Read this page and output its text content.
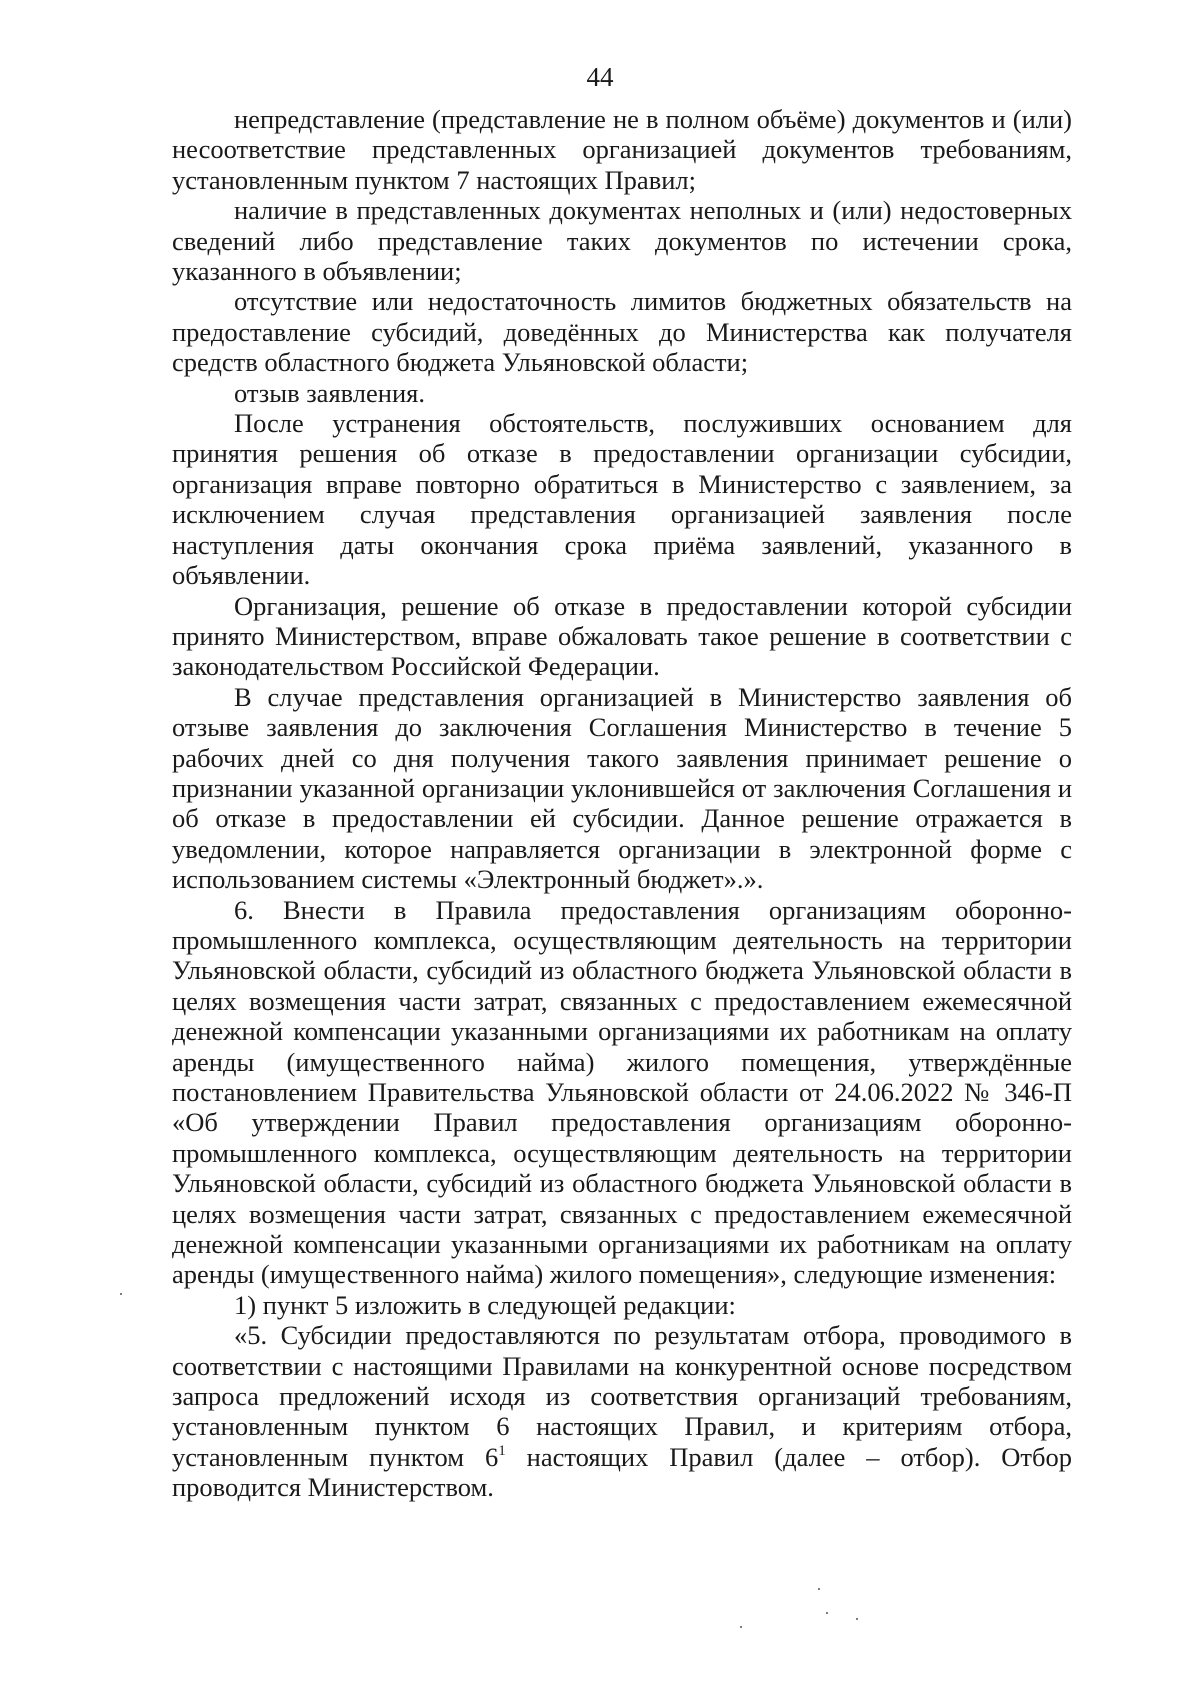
44

непредставление (представление не в полном объёме) документов и (или) несоответствие представленных организацией документов требованиям, установленным пунктом 7 настоящих Правил;

наличие в представленных документах неполных и (или) недостоверных сведений либо представление таких документов по истечении срока, указанного в объявлении;

отсутствие или недостаточность лимитов бюджетных обязательств на предоставление субсидий, доведённых до Министерства как получателя средств областного бюджета Ульяновской области;

отзыв заявления.

После устранения обстоятельств, послуживших основанием для принятия решения об отказе в предоставлении организации субсидии, организация вправе повторно обратиться в Министерство с заявлением, за исключением случая представления организацией заявления после наступления даты окончания срока приёма заявлений, указанного в объявлении.

Организация, решение об отказе в предоставлении которой субсидии принято Министерством, вправе обжаловать такое решение в соответствии с законодательством Российской Федерации.

В случае представления организацией в Министерство заявления об отзыве заявления до заключения Соглашения Министерство в течение 5 рабочих дней со дня получения такого заявления принимает решение о признании указанной организации уклонившейся от заключения Соглашения и об отказе в предоставлении ей субсидии. Данное решение отражается в уведомлении, которое направляется организации в электронной форме с использованием системы «Электронный бюджет».».

6. Внести в Правила предоставления организациям оборонно-промышленного комплекса, осуществляющим деятельность на территории Ульяновской области, субсидий из областного бюджета Ульяновской области в целях возмещения части затрат, связанных с предоставлением ежемесячной денежной компенсации указанными организациями их работникам на оплату аренды (имущественного найма) жилого помещения, утверждённые постановлением Правительства Ульяновской области от 24.06.2022 № 346-П «Об утверждении Правил предоставления организациям оборонно-промышленного комплекса, осуществляющим деятельность на территории Ульяновской области, субсидий из областного бюджета Ульяновской области в целях возмещения части затрат, связанных с предоставлением ежемесячной денежной компенсации указанными организациями их работникам на оплату аренды (имущественного найма) жилого помещения», следующие изменения:

1) пункт 5 изложить в следующей редакции:

«5. Субсидии предоставляются по результатам отбора, проводимого в соответствии с настоящими Правилами на конкурентной основе посредством запроса предложений исходя из соответствия организаций требованиям, установленным пунктом 6 настоящих Правил, и критериям отбора, установленным пунктом $6^1$ настоящих Правил (далее – отбор). Отбор проводится Министерством.
